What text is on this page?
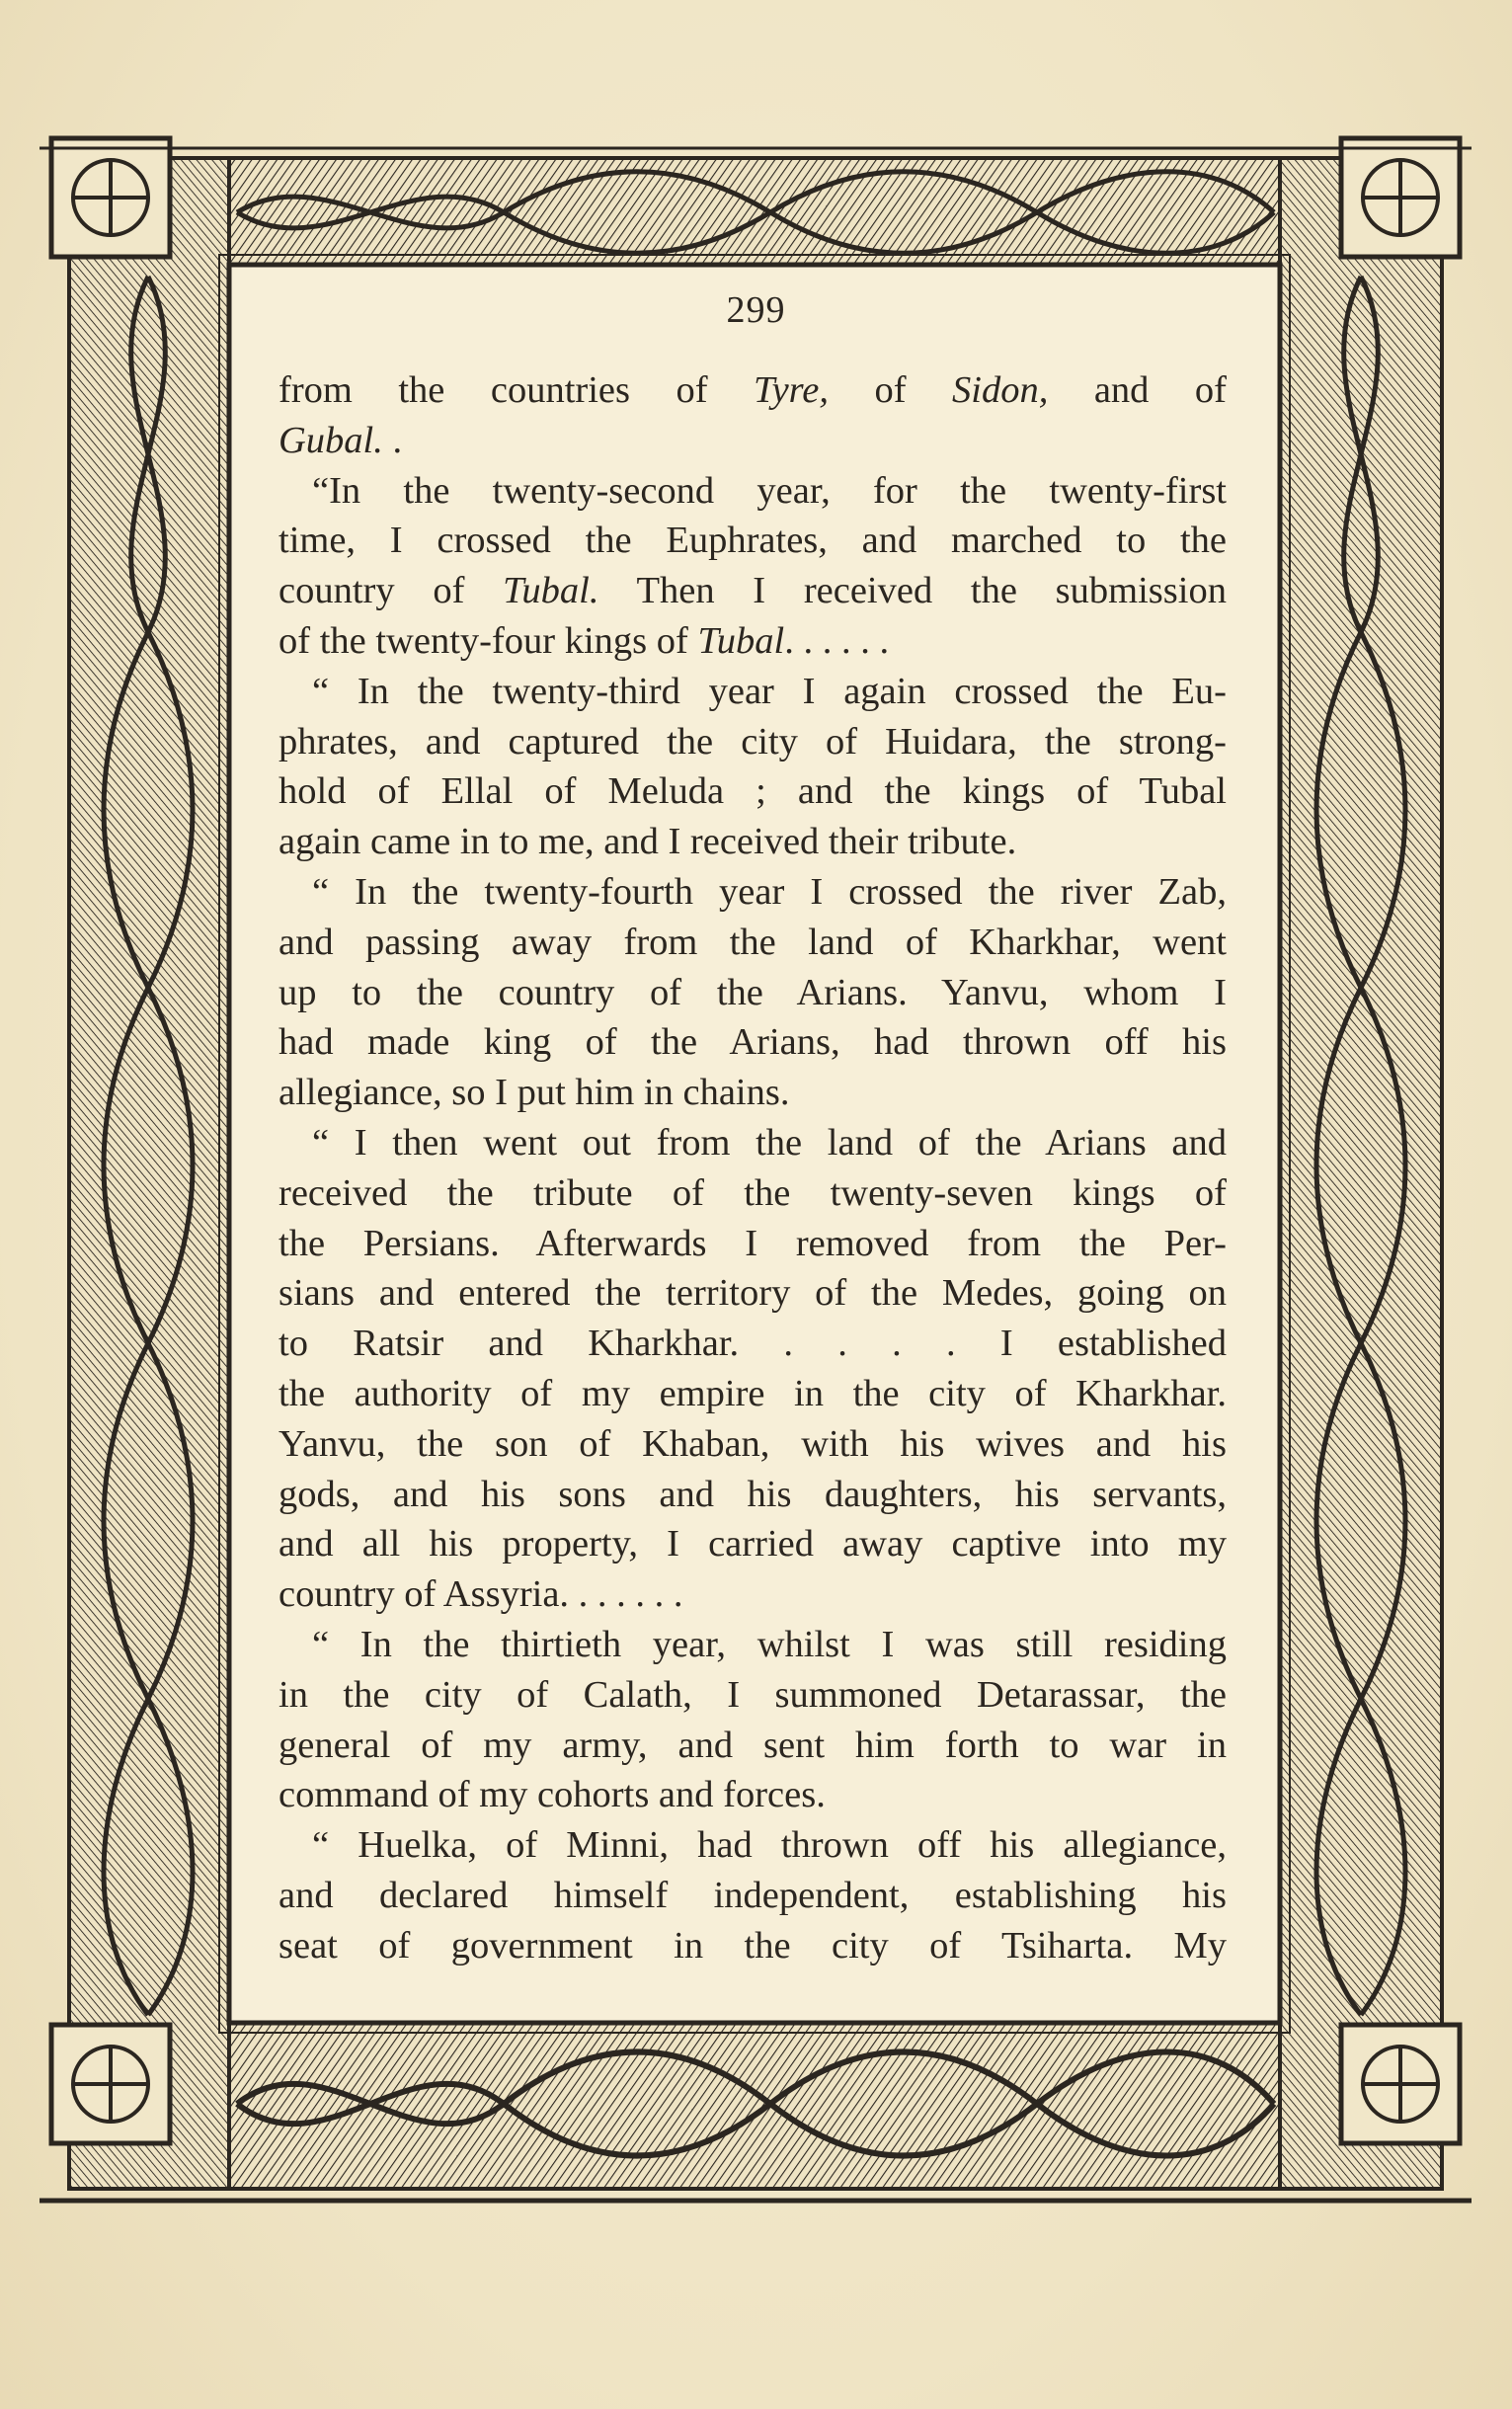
299
from the countries of Tyre, of Sidon, and of
Gubal. .
“In the twenty-second year, for the twenty-first
time, I crossed the Euphrates, and marched to the
country of Tubal. Then I received the submission
of the twenty-four kings of Tubal. . . . . .
“ In the twenty-third year I again crossed the Eu-
phrates, and captured the city of Huidara, the strong-
hold of Ellal of Meluda ; and the kings of Tubal
again came in to me, and I received their tribute.
“ In the twenty-fourth year I crossed the river Zab,
and passing away from the land of Kharkhar, went
up to the country of the Arians. Yanvu, whom I
had made king of the Arians, had thrown off his
allegiance, so I put him in chains.
“ I then went out from the land of the Arians and
received the tribute of the twenty-seven kings of
the Persians. Afterwards I removed from the Per-
sians and entered the territory of the Medes, going on
to Ratsir and Kharkhar. . . . . I established
the authority of my empire in the city of Kharkhar.
Yanvu, the son of Khaban, with his wives and his
gods, and his sons and his daughters, his servants,
and all his property, I carried away captive into my
country of Assyria. . . . . . .
“ In the thirtieth year, whilst I was still residing
in the city of Calath, I summoned Detarassar, the
general of my army, and sent him forth to war in
command of my cohorts and forces.
“ Huelka, of Minni, had thrown off his allegiance,
and declared himself independent, establishing his
seat of government in the city of Tsiharta. My
